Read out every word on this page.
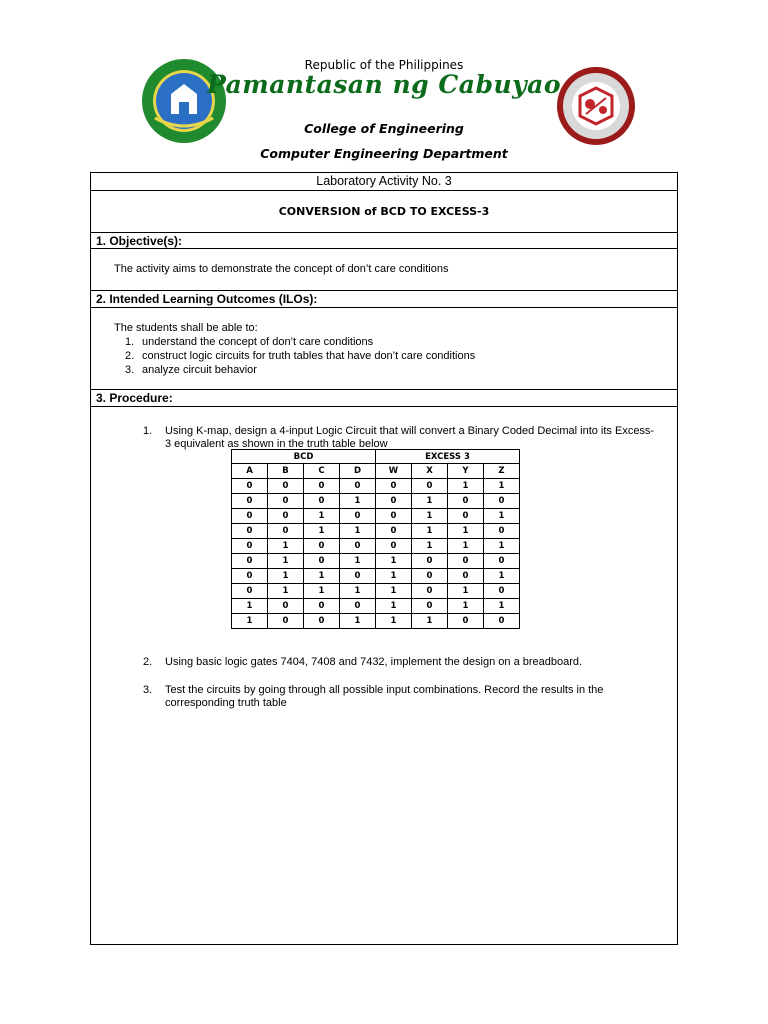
Republic of the Philippines
Pamantasan ng Cabuyao
College of Engineering
Computer Engineering Department
Laboratory Activity No. 3
CONVERSION of BCD TO EXCESS-3
1. Objective(s):
The activity aims to demonstrate the concept of don’t care conditions
2. Intended Learning Outcomes (ILOs):
The students shall be able to:
1. understand the concept of don’t care conditions
2. construct logic circuits for truth tables that have don’t care conditions
3. analyze circuit behavior
3. Procedure:
1. Using K-map, design a 4-input Logic Circuit that will convert a Binary Coded Decimal into its Excess-
3 equivalent as shown in the truth table below
BCD				EXCESS 3			
A	B	C	D	W	X	Y	Z
0	0	0	0	0	0	1	1
0	0	0	1	0	1	0	0
0	0	1	0	0	1	0	1
0	0	1	1	0	1	1	0
0	1	0	0	0	1	1	1
0	1	0	1	1	0	0	0
0	1	1	0	1	0	0	1
0	1	1	1	1	0	1	0
1	0	0	0	1	0	1	1
1	0	0	1	1	1	0	0
2. Using basic logic gates 7404, 7408 and 7432, implement the design on a breadboard.
3. Test the circuits by going through all possible input combinations. Record the results in the
corresponding truth table
